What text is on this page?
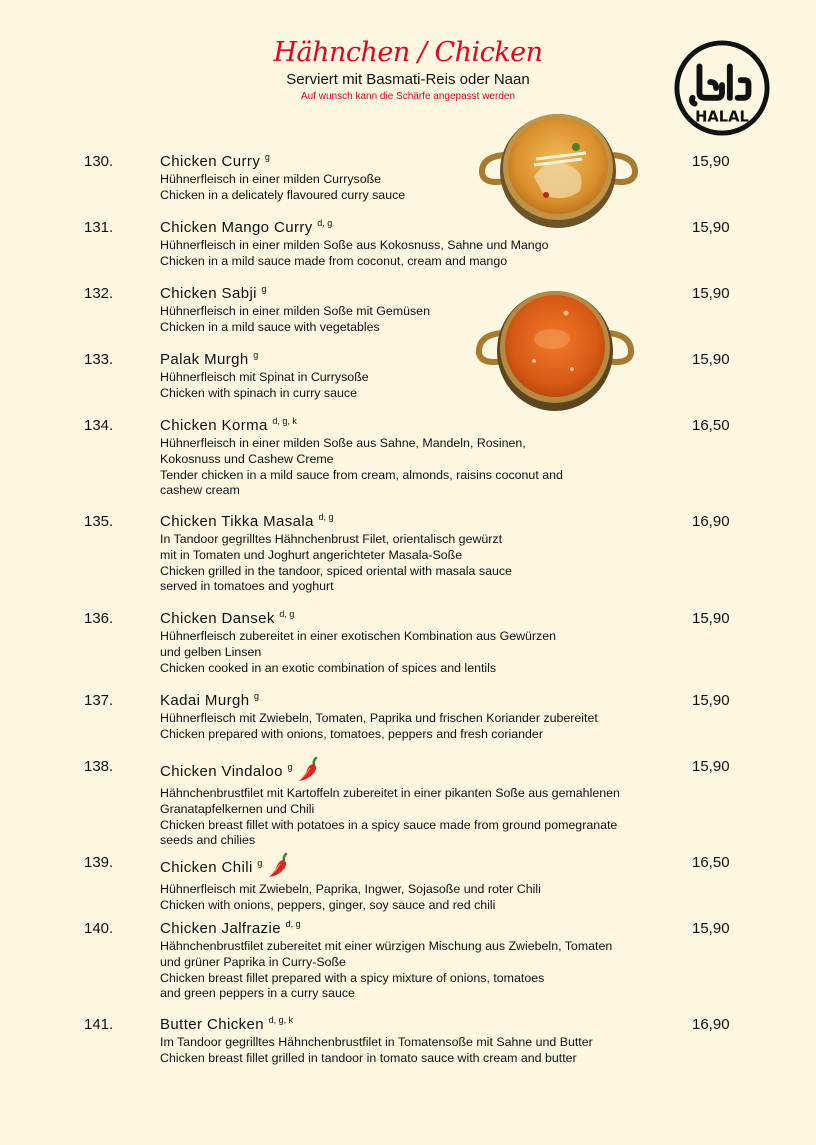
Hähnchen / Chicken
Serviert mit Basmati-Reis oder Naan
Auf wunsch kann die Schärfe angepasst werden
HALAL
130.	Chicken Curry $^g$
Hühnerfleisch in einer milden Currysoße
Chicken in a delicately flavoured curry sauce
15,90
131.	Chicken Mango Curry $^{d, g}$
Hühnerfleisch in einer milden Soße aus Kokosnuss, Sahne und Mango
Chicken in a mild sauce made from coconut, cream and mango
15,90
132.	Chicken Sabji $^g$
Hühnerfleisch in einer milden Soße mit Gemüsen
Chicken in a mild sauce with vegetables
15,90
133.	Palak Murgh $^g$
Hühnerfleisch mit Spinat in Currysoße
Chicken with spinach in curry sauce
15,90
134.	Chicken Korma $^{d, g, k}$
Hühnerfleisch in einer milden Soße aus Sahne, Mandeln, Rosinen,
Kokosnuss und Cashew Creme
Tender chicken in a mild sauce from cream, almonds, raisins coconut and
cashew cream
16,50
135.	Chicken Tikka Masala $^{d, g}$
In Tandoor gegrilltes Hähnchenbrust Filet, orientalisch gewürzt
mit in Tomaten und Joghurt angerichteter Masala-Soße
Chicken grilled in the tandoor, spiced oriental with masala sauce
served in tomatoes and yoghurt
16,90
136.	Chicken Dansek $^{d, g}$
Hühnerfleisch zubereitet in einer exotischen Kombination aus Gewürzen
und gelben Linsen
Chicken cooked in an exotic combination of spices and lentils
15,90
137.	Kadai Murgh $^g$
Hühnerfleisch mit Zwiebeln, Tomaten, Paprika und frischen Koriander zubereitet
Chicken prepared with onions, tomatoes, peppers and fresh coriander
15,90
138.	Chicken Vindaloo $^g$
Hähnchenbrustfilet mit Kartoffeln zubereitet in einer pikanten Soße aus gemahlenen
Granatapfelkernen und Chili
Chicken breast fillet with potatoes in a spicy sauce made from ground pomegranate
seeds and chilies
15,90
139.	Chicken Chili $^g$
Hühnerfleisch mit Zwiebeln, Paprika, Ingwer, Sojasoße und roter Chili
Chicken with onions, peppers, ginger, soy sauce and red chili
16,50
140.	Chicken Jalfrazie $^{d, g}$
Hähnchenbrustfilet zubereitet mit einer würzigen Mischung aus Zwiebeln, Tomaten
und grüner Paprika in Curry-Soße
Chicken breast fillet prepared with a spicy mixture of onions, tomatoes
and green peppers in a curry sauce
15,90
141.	Butter Chicken $^{d, g, k}$
Im Tandoor gegrilltes Hähnchenbrustfilet in Tomatensoße mit Sahne und Butter
Chicken breast fillet grilled in tandoor in tomato sauce with cream and butter
16,90
